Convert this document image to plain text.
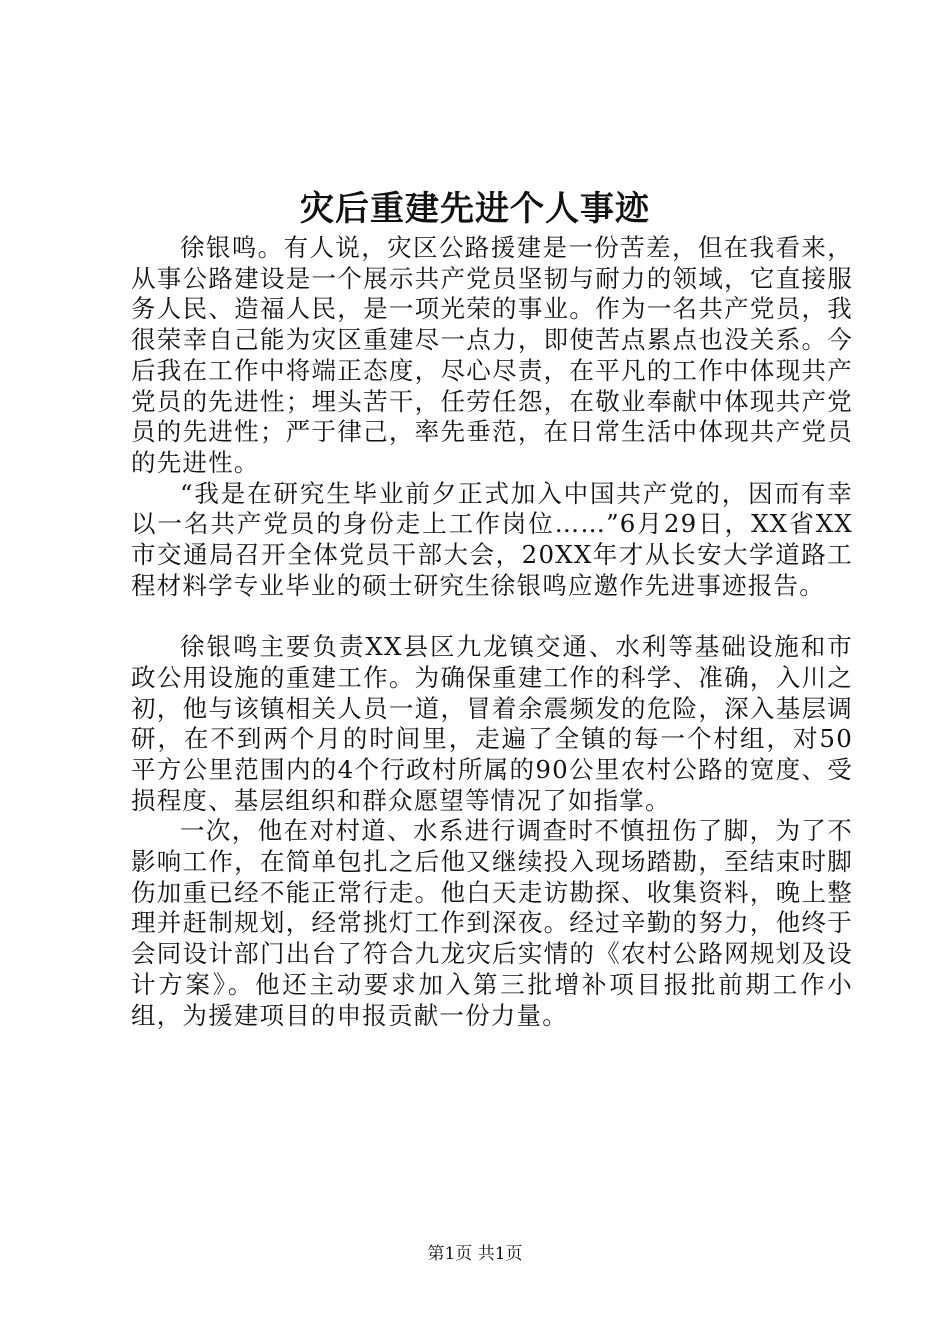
灾后重建先进个人事迹

徐银鸣。有人说，灾区公路援建是一份苦差，但在我看来，从事公路建设是一个展示共产党员坚韧与耐力的领域，它直接服务人民、造福人民，是一项光荣的事业。作为一名共产党员，我很荣幸自己能为灾区重建尽一点力，即使苦点累点也没关系。今后我在工作中将端正态度，尽心尽责，在平凡的工作中体现共产党员的先进性；埋头苦干，任劳任怨，在敬业奉献中体现共产党员的先进性；严于律己，率先垂范，在日常生活中体现共产党员的先进性。

“我是在研究生毕业前夕正式加入中国共产党的，因而有幸以一名共产党员的身份走上工作岗位……”6月29日，XX省XX市交通局召开全体党员干部大会，20XX年才从长安大学道路工程材料学专业毕业的硕士研究生徐银鸣应邀作先进事迹报告。

徐银鸣主要负责XX县区九龙镇交通、水利等基础设施和市政公用设施的重建工作。为确保重建工作的科学、准确，入川之初，他与该镇相关人员一道，冒着余震频发的危险，深入基层调研，在不到两个月的时间里，走遍了全镇的每一个村组，对50平方公里范围内的4个行政村所属的90公里农村公路的宽度、受损程度、基层组织和群众愿望等情况了如指掌。

一次，他在对村道、水系进行调查时不慎扭伤了脚，为了不影响工作，在简单包扎之后他又继续投入现场踏勘，至结束时脚伤加重已经不能正常行走。他白天走访勘探、收集资料，晚上整理并赶制规划，经常挑灯工作到深夜。经过辛勤的努力，他终于会同设计部门出台了符合九龙灾后实情的《农村公路网规划及设计方案》。他还主动要求加入第三批增补项目报批前期工作小组，为援建项目的申报贡献一份力量。

第1页 共1页
